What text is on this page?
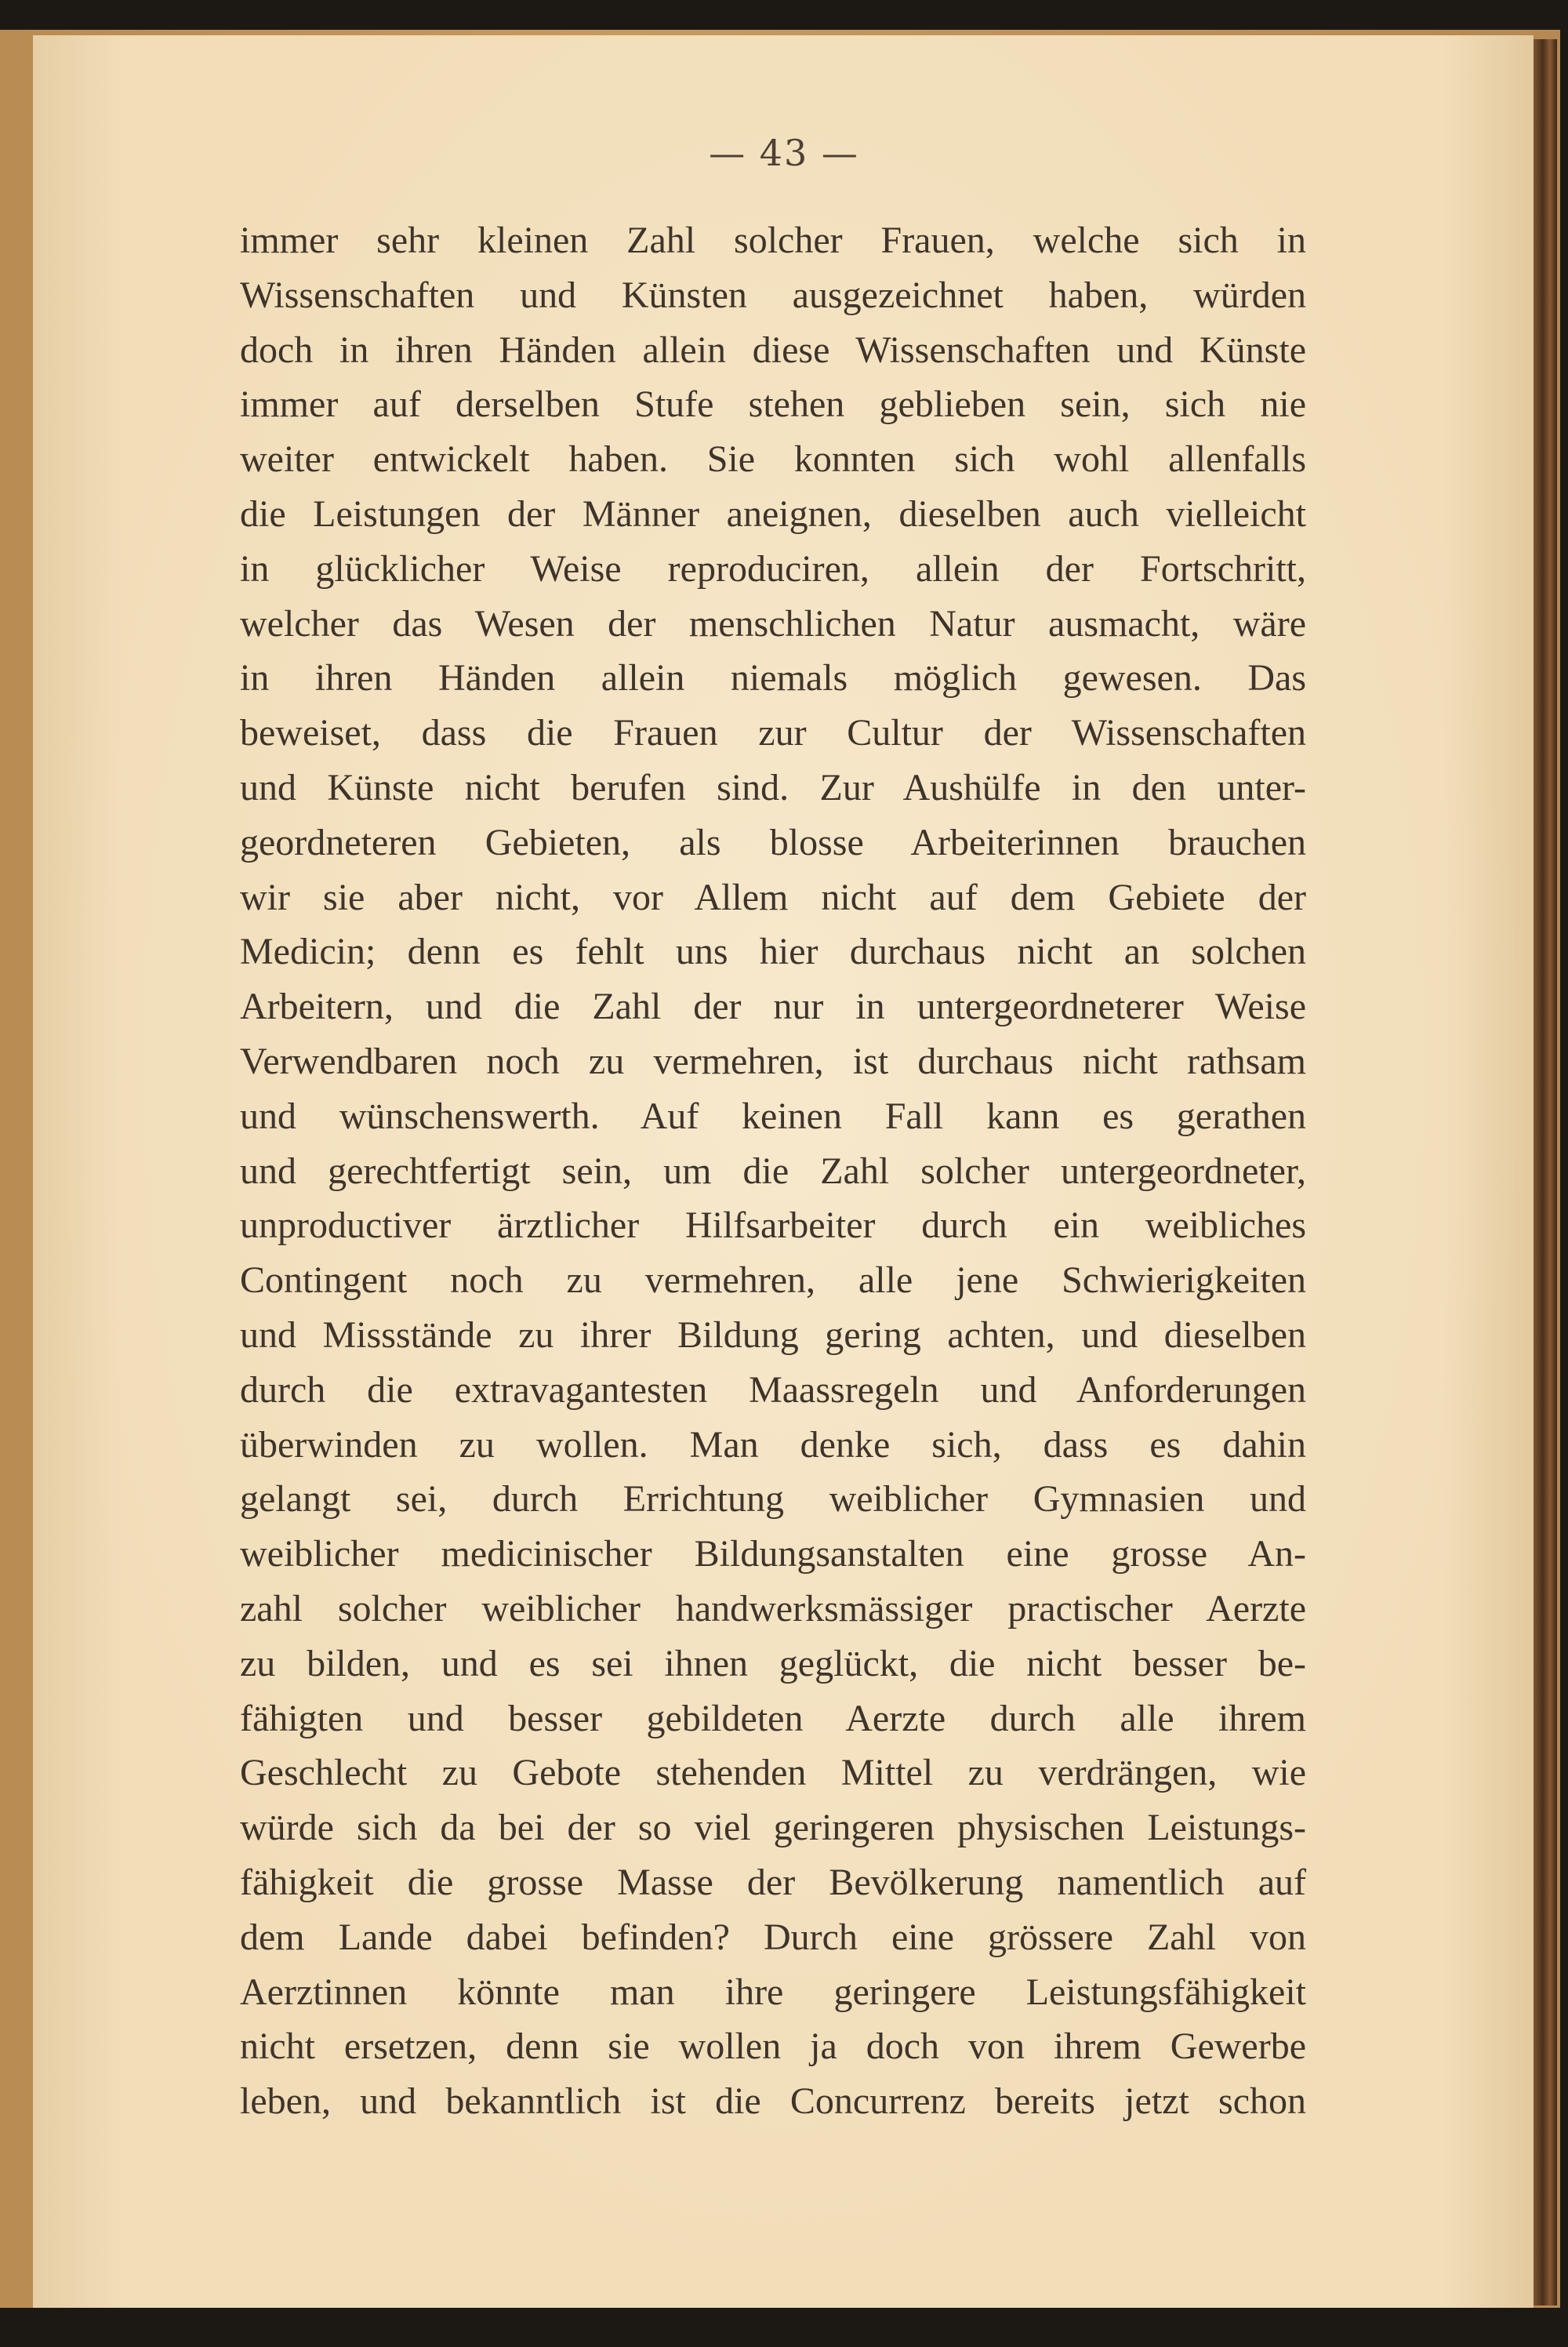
— 43 —
immer sehr kleinen Zahl solcher Frauen, welche sich in
Wissenschaften und Künsten ausgezeichnet haben, würden
doch in ihren Händen allein diese Wissenschaften und Künste
immer auf derselben Stufe stehen geblieben sein, sich nie
weiter entwickelt haben. Sie konnten sich wohl allenfalls
die Leistungen der Männer aneignen, dieselben auch vielleicht
in glücklicher Weise reproduciren, allein der Fortschritt,
welcher das Wesen der menschlichen Natur ausmacht, wäre
in ihren Händen allein niemals möglich gewesen. Das
beweiset, dass die Frauen zur Cultur der Wissenschaften
und Künste nicht berufen sind. Zur Aushülfe in den unter-
geordneteren Gebieten, als blosse Arbeiterinnen brauchen
wir sie aber nicht, vor Allem nicht auf dem Gebiete der
Medicin; denn es fehlt uns hier durchaus nicht an solchen
Arbeitern, und die Zahl der nur in untergeordneterer Weise
Verwendbaren noch zu vermehren, ist durchaus nicht rathsam
und wünschenswerth. Auf keinen Fall kann es gerathen
und gerechtfertigt sein, um die Zahl solcher untergeordneter,
unproductiver ärztlicher Hilfsarbeiter durch ein weibliches
Contingent noch zu vermehren, alle jene Schwierigkeiten
und Missstände zu ihrer Bildung gering achten, und dieselben
durch die extravagantesten Maassregeln und Anforderungen
überwinden zu wollen. Man denke sich, dass es dahin
gelangt sei, durch Errichtung weiblicher Gymnasien und
weiblicher medicinischer Bildungsanstalten eine grosse An-
zahl solcher weiblicher handwerksmässiger practischer Aerzte
zu bilden, und es sei ihnen geglückt, die nicht besser be-
fähigten und besser gebildeten Aerzte durch alle ihrem
Geschlecht zu Gebote stehenden Mittel zu verdrängen, wie
würde sich da bei der so viel geringeren physischen Leistungs-
fähigkeit die grosse Masse der Bevölkerung namentlich auf
dem Lande dabei befinden? Durch eine grössere Zahl von
Aerztinnen könnte man ihre geringere Leistungsfähigkeit
nicht ersetzen, denn sie wollen ja doch von ihrem Gewerbe
leben, und bekanntlich ist die Concurrenz bereits jetzt schon
